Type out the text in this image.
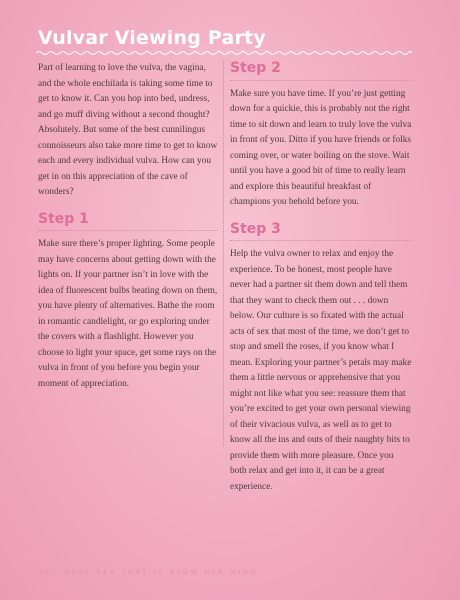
Vulvar Viewing Party

Part of learning to love the vulva, the vagina, and the whole enchilada is taking some time to get to know it. Can you hop into bed, undress, and go muff diving without a second thought? Absolutely. But some of the best cunnilingus connoisseurs also take more time to get to know each and every individual vulva. How can you get in on this appreciation of the cave of wonders?

Step 1

Make sure there’s proper lighting. Some people may have concerns about getting down with the lights on. If your partner isn’t in love with the idea of fluorescent bulbs beating down on them, you have plenty of alternatives. Bathe the room in romantic candlelight, or go exploring under the covers with a flashlight. However you choose to light your space, get some rays on the vulva in front of you before you begin your moment of appreciation.

Step 2

Make sure you have time. If you’re just getting down for a quickie, this is probably not the right time to sit down and learn to truly love the vulva in front of you. Ditto if you have friends or folks coming over, or water boiling on the stove. Wait until you have a good bit of time to really learn and explore this beautiful breakfast of champions you behold before you.

Step 3

Help the vulva owner to relax and enjoy the experience. To be honest, most people have never had a partner sit them down and tell them that they want to check them out . . . down below. Our culture is so fixated with the actual acts of sex that most of the time, we don’t get to stop and smell the roses, if you know what I mean. Exploring your partner’s petals may make them a little nervous or apprehensive that you might not like what you see: reassure them that you’re excited to get your own personal viewing of their vivacious vulva, as well as to get to know all the ins and outs of their naughty bits to provide them with more pleasure. Once you both relax and get into it, it can be a great experience.

36 ORAL SEX THAT'LL BLOW HER MIND
